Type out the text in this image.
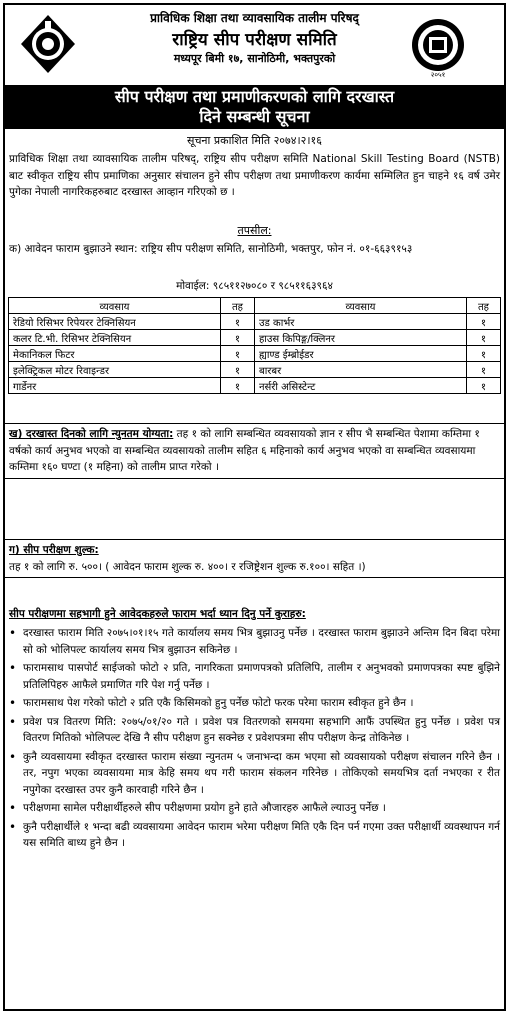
प्राविधिक शिक्षा तथा व्यावसायिक तालीम परिषद्
राष्ट्रिय सीप परीक्षण समिति
मध्यपूर बिमी १७, सानोठिमी, भक्तपुरको
२०५१
सीप परीक्षण तथा प्रमाणीकरणको लागि दरखास्त
दिने सम्बन्धी सूचना
सूचना प्रकाशित मिति २०७४।२।१६
प्राविधिक शिक्षा तथा व्यावसायिक तालीम परिषद्, राष्ट्रिय सीप परीक्षण समिति National Skill Testing Board (NSTB) बाट स्वीकृत राष्ट्रिय सीप प्रमाणिका अनुसार संचालन हुने सीप परीक्षण तथा प्रमाणीकरण कार्यमा सम्मिलित हुन चाहने १६ वर्ष उमेर पुगेका नेपाली नागरिकहरुबाट दरखास्त आव्हान गरिएको छ ।
तपसील:
क) आवेदन फाराम बुझाउने स्थान: राष्ट्रिय सीप परीक्षण समिति, सानोठिमी, भक्तपुर, फोन नं. ०१-६६३९१५३
मोवाईल: ९८५११२७०८० र ९८५११६३९६४
व्यवसाय	तह	व्यवसाय	तह
रेडियो रिसिभर रिपेयरर टेक्निसियन	१	उड कार्भर	१
कलर टि.भी. रिसिभर टेक्निसियन	१	हाउस किपिङ्ग/क्लिनर	१
मेकानिकल फिटर	१	ह्याण्ड ईम्ब्रोईडर	१
इलेक्ट्रिकल मोटर रिवाइन्डर	१	बारबर	१
गार्डेनर	१	नर्सरी असिस्टेन्ट	१
ख) दरखास्त दिनको लागि न्युनतम योग्यता: तह १ को लागि सम्बन्धित व्यवसायको ज्ञान र सीप भै सम्बन्धित पेशामा कम्तिमा १ वर्षको कार्य अनुभव भएको वा सम्बन्धित व्यवसायको तालीम सहित ६ महिनाको कार्य अनुभव भएको वा सम्बन्धित व्यवसायमा कम्तिमा १६० घण्टा (१ महिना) को तालीम प्राप्त गरेको ।
ग) सीप परीक्षण शुल्क:
तह १ को लागि रु. ५००। ( आवेदन फाराम शुल्क रु. ४००। र रजिष्ट्रेशन शुल्क रु.१००। सहित ।)
सीप परीक्षणमा सहभागी हुने आवेदकहरुले फाराम भर्दा ध्यान दिनु पर्ने कुराहरु:
• दरखास्त फाराम मिति २०७५।०१।१५ गते कार्यालय समय भित्र बुझाउनु पर्नेछ । दरखास्त फाराम बुझाउने अन्तिम दिन बिदा परेमा सो को भोलिपल्ट कार्यालय समय भित्र बुझाउन सकिनेछ ।
• फारामसाथ पासपोर्ट साईजको फोटो २ प्रति, नागरिकता प्रमाणपत्रको प्रतिलिपि, तालीम र अनुभवको प्रमाणपत्रका स्पष्ट बुझिने प्रतिलिपिहरु आफैले प्रमाणित गरि पेश गर्नु पर्नेछ ।
• फारामसाथ पेश गरेको फोटो २ प्रति एकै किसिमको हुनु पर्नेछ फोटो फरक परेमा फाराम स्वीकृत हुने छैन ।
• प्रवेश पत्र वितरण मिति: २०७५/०१/२० गते । प्रवेश पत्र वितरणको समयमा सहभागि आफैं उपस्थित हुनु पर्नेछ । प्रवेश पत्र वितरण मितिको भोलिपल्ट देखि नै सीप परीक्षण हुन सक्नेछ र प्रवेशपत्रमा सीप परीक्षण केन्द्र तोकिनेछ ।
• कुनै व्यवसायमा स्वीकृत दरखास्त फाराम संख्या न्युनतम ५ जनाभन्दा कम भएमा सो व्यवसायको परीक्षण संचालन गरिने छैन । तर, नपुग भएका व्यवसायमा मात्र केहि समय थप गरी फाराम संकलन गरिनेछ । तोकिएको समयभित्र दर्ता नभएका र रीत नपुगेका दरखास्त उपर कुनै कारवाही गरिने छैन ।
• परीक्षणमा सामेल परीक्षार्थीहरुले सीप परीक्षणमा प्रयोग हुने हाते औजारहरु आफैले ल्याउनु पर्नेछ ।
• कुनै परीक्षार्थीले १ भन्दा बढी व्यवसायमा आवेदन फाराम भरेमा परीक्षण मिति एकै दिन पर्न गएमा उक्त परीक्षार्थी व्यवस्थापन गर्न यस समिति बाध्य हुने छैन ।
